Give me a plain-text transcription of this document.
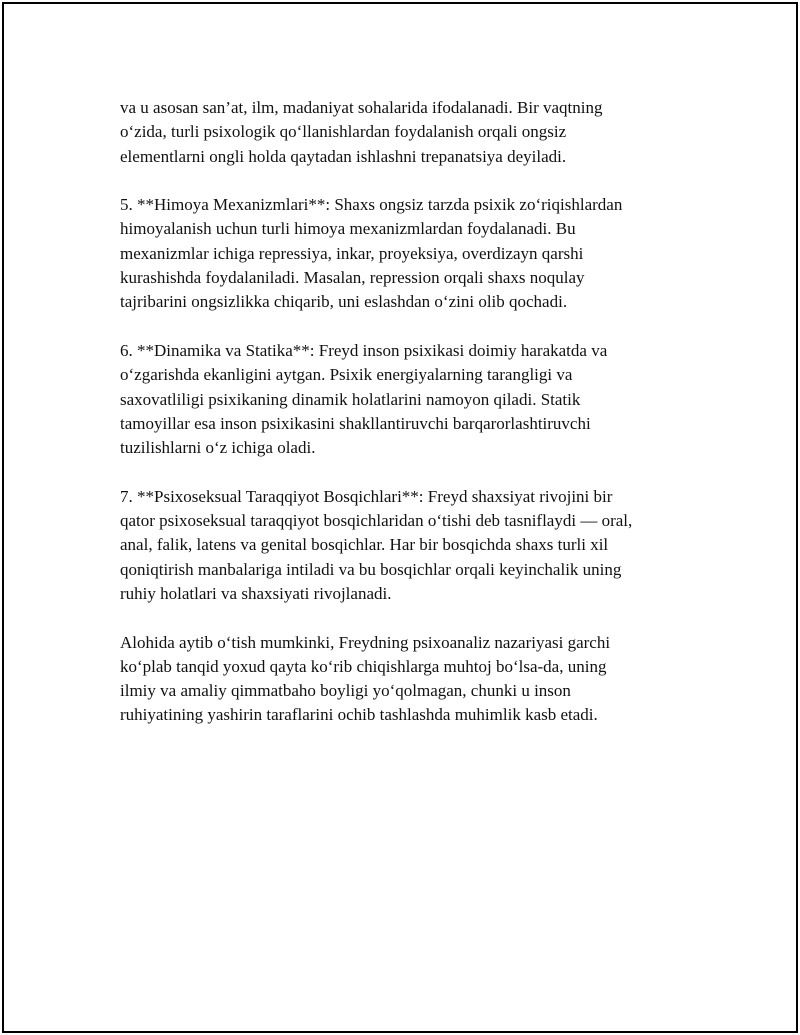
va u asosan san’at, ilm, madaniyat sohalarida ifodalanadi. Bir vaqtning
o‘zida, turli psixologik qo‘llanishlardan foydalanish orqali ongsiz
elementlarni ongli holda qaytadan ishlashni trepanatsiya deyiladi.

5. **Himoya Mexanizmlari**: Shaxs ongsiz tarzda psixik zo‘riqishlardan
himoyalanish uchun turli himoya mexanizmlardan foydalanadi. Bu
mexanizmlar ichiga repressiya, inkar, proyeksiya, overdizayn qarshi
kurashishda foydalaniladi. Masalan, repression orqali shaxs noqulay
tajribarini ongsizlikka chiqarib, uni eslashdan o‘zini olib qochadi.

6. **Dinamika va Statika**: Freyd inson psixikasi doimiy harakatda va
o‘zgarishda ekanligini aytgan. Psixik energiyalarning tarangligi va
saxovatliligi psixikaning dinamik holatlarini namoyon qiladi. Statik
tamoyillar esa inson psixikasini shakllantiruvchi barqarorlashtiruvchi
tuzilishlarni o‘z ichiga oladi.

7. **Psixoseksual Taraqqiyot Bosqichlari**: Freyd shaxsiyat rivojini bir
qator psixoseksual taraqqiyot bosqichlaridan o‘tishi deb tasniflaydi — oral,
anal, falik, latens va genital bosqichlar. Har bir bosqichda shaxs turli xil
qoniqtirish manbalariga intiladi va bu bosqichlar orqali keyinchalik uning
ruhiy holatlari va shaxsiyati rivojlanadi.

Alohida aytib o‘tish mumkinki, Freydning psixoanaliz nazariyasi garchi
ko‘plab tanqid yoxud qayta ko‘rib chiqishlarga muhtoj bo‘lsa-da, uning
ilmiy va amaliy qimmatbaho boyligi yo‘qolmagan, chunki u inson
ruhiyatining yashirin taraflarini ochib tashlashda muhimlik kasb etadi.
